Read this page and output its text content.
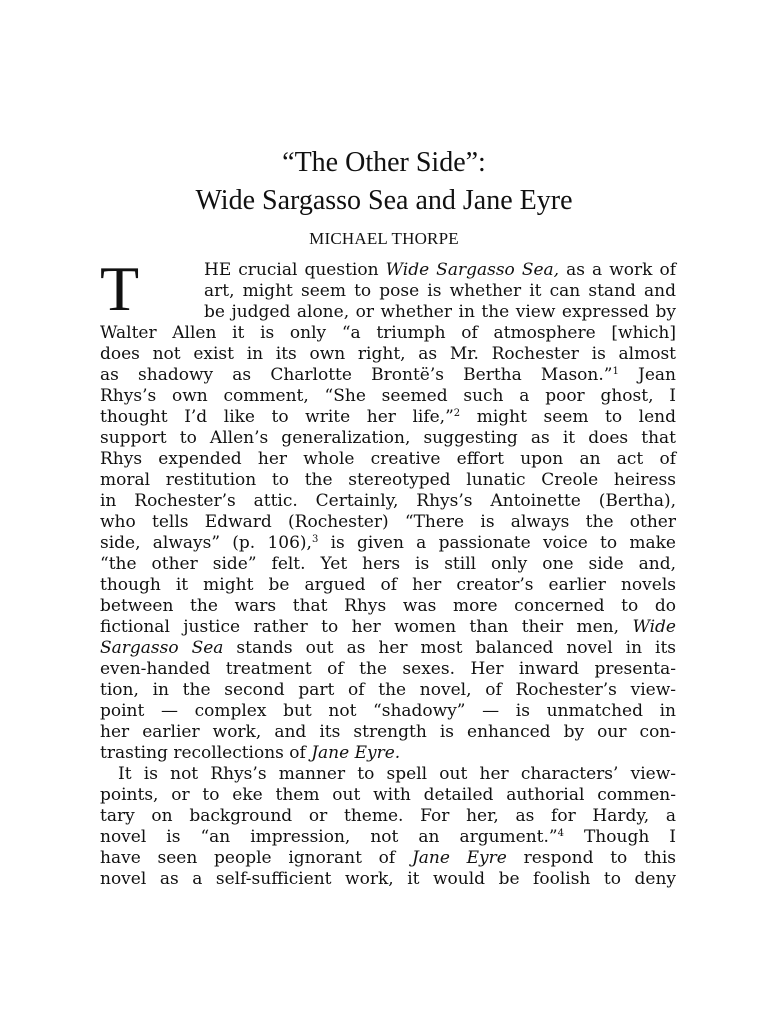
“The Other Side”:
Wide Sargasso Sea and Jane Eyre
MICHAEL THORPE
T	HE crucial question Wide Sargasso Sea, as a work of
art, might seem to pose is whether it can stand and
be judged alone, or whether in the view expressed by
Walter Allen it is only “a triumph of atmosphere [which]
does not exist in its own right, as Mr. Rochester is almost
as shadowy as Charlotte Brontë’s Bertha Mason.”$^1$ Jean
Rhys’s own comment, “She seemed such a poor ghost, I
thought I’d like to write her life,”$^2$ might seem to lend
support to Allen’s generalization, suggesting as it does that
Rhys expended her whole creative effort upon an act of
moral restitution to the stereotyped lunatic Creole heiress
in Rochester’s attic. Certainly, Rhys’s Antoinette (Bertha),
who tells Edward (Rochester) “There is always the other
side, always” (p. 106),$^3$ is given a passionate voice to make
“the other side” felt. Yet hers is still only one side and,
though it might be argued of her creator’s earlier novels
between the wars that Rhys was more concerned to do
fictional justice rather to her women than their men, Wide
Sargasso Sea stands out as her most balanced novel in its
even-handed treatment of the sexes. Her inward presenta-
tion, in the second part of the novel, of Rochester’s view-
point — complex but not “shadowy” — is unmatched in
her earlier work, and its strength is enhanced by our con-
trasting recollections of Jane Eyre.
It is not Rhys’s manner to spell out her characters’ view-
points, or to eke them out with detailed authorial commen-
tary on background or theme. For her, as for Hardy, a
novel is “an impression, not an argument.”$^4$ Though I
have seen people ignorant of Jane Eyre respond to this
novel as a self-sufficient work, it would be foolish to deny
